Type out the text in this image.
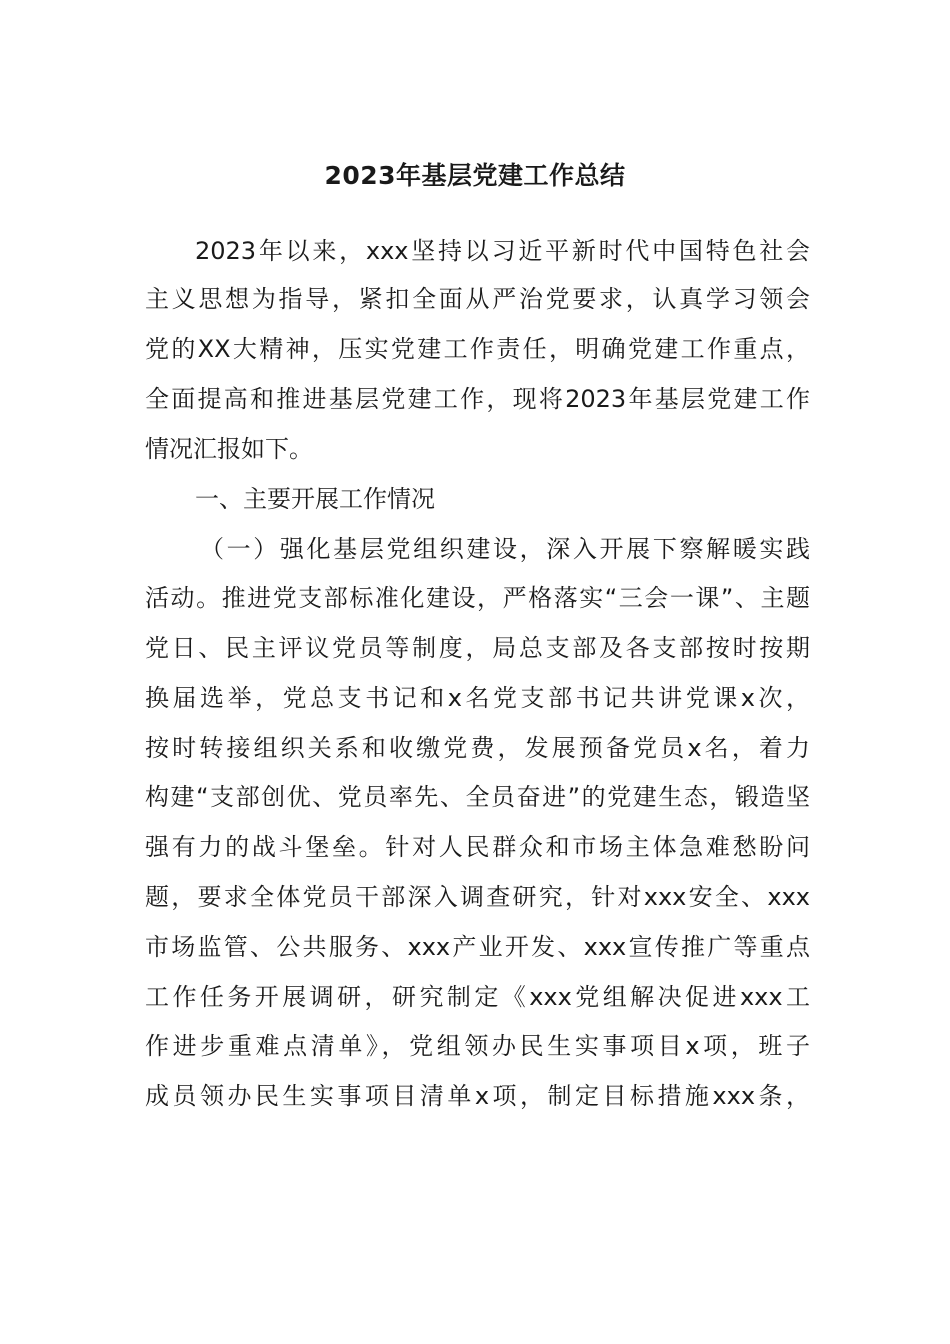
2023年基层党建工作总结
2023年以来，xxx坚持以习近平新时代中国特色社会
主义思想为指导，紧扣全面从严治党要求，认真学习领会
党的XX大精神，压实党建工作责任，明确党建工作重点，
全面提高和推进基层党建工作，现将2023年基层党建工作
情况汇报如下。
一、主要开展工作情况
（一）强化基层党组织建设，深入开展下察解暖实践
活动。推进党支部标准化建设，严格落实“三会一课”、主题
党日、民主评议党员等制度，局总支部及各支部按时按期
换届选举，党总支书记和x名党支部书记共讲党课x次，
按时转接组织关系和收缴党费，发展预备党员x名，着力
构建“支部创优、党员率先、全员奋进”的党建生态，锻造坚
强有力的战斗堡垒。针对人民群众和市场主体急难愁盼问
题，要求全体党员干部深入调查研究，针对xxx安全、xxx
市场监管、公共服务、xxx产业开发、xxx宣传推广等重点
工作任务开展调研，研究制定《xxx党组解决促进xxx工
作进步重难点清单》，党组领办民生实事项目x项，班子
成员领办民生实事项目清单x项，制定目标措施xxx条，
